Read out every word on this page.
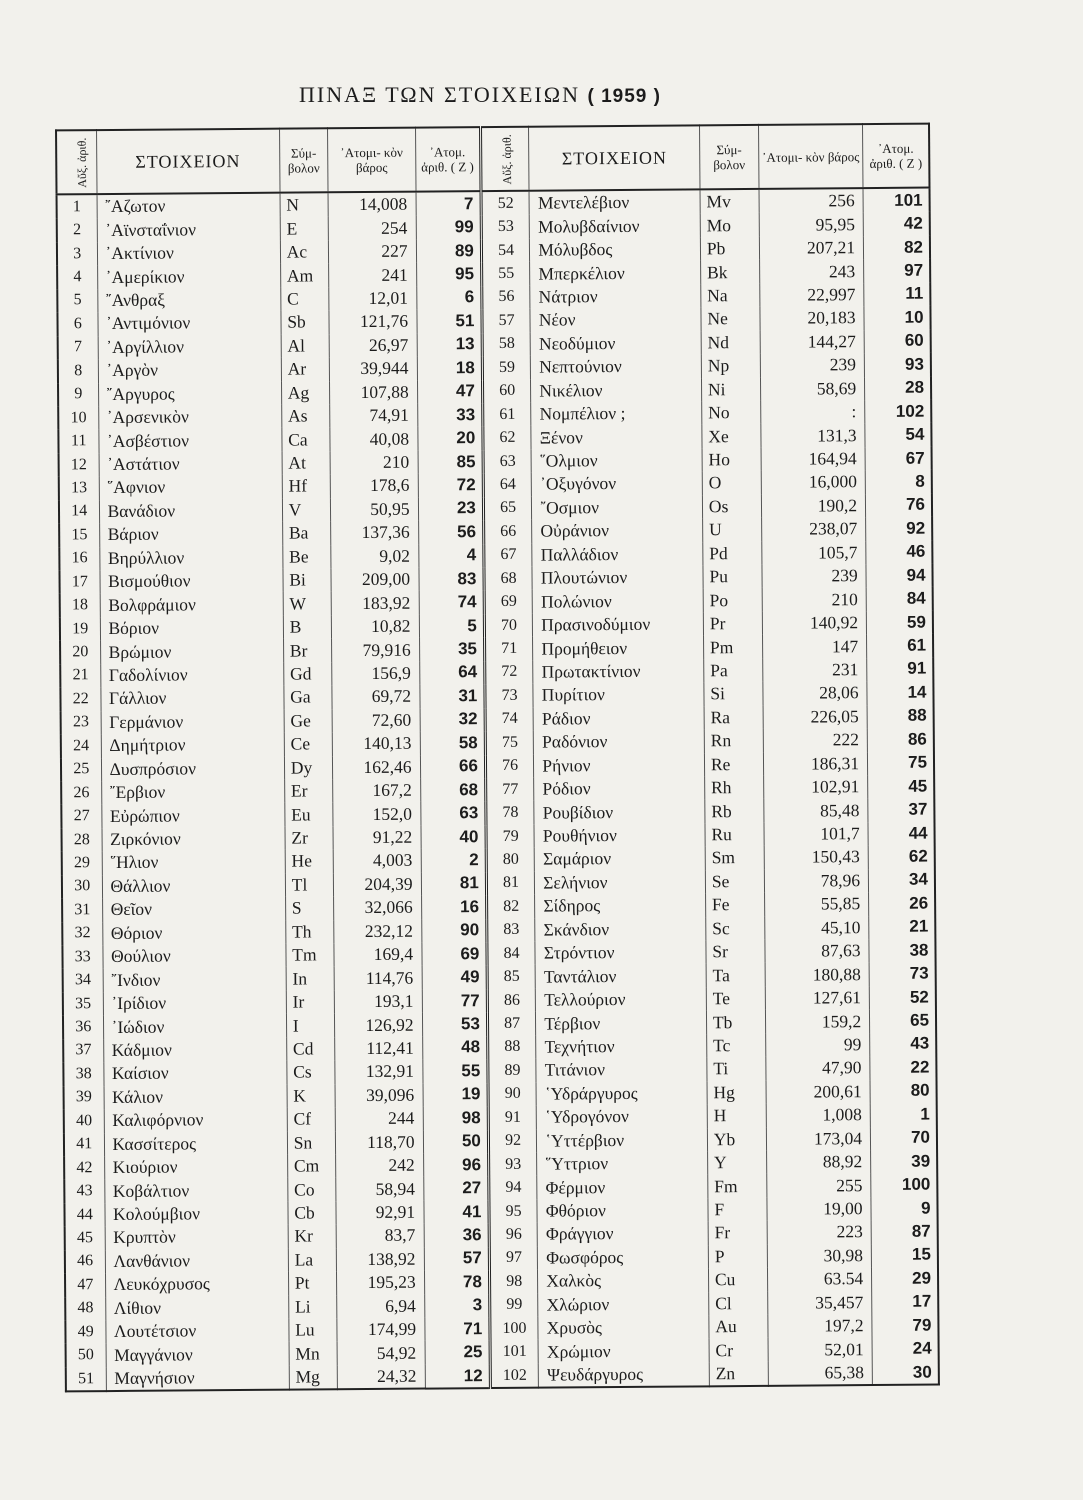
ΠΙΝΑΞ ΤΩΝ ΣΤΟΙΧΕΙΩΝ ( 1959 )
Αὔξ. ἀριθ.	ΣΤΟΙΧΕΙΟΝ	Σύμ- βολον	᾿Ατομι- κὸν βάρος	᾿Ατομ. ἀριθ. ( Ζ )	Αὔξ. ἀριθ.	ΣΤΟΙΧΕΙΟΝ	Σύμ- βολον	᾿Ατομι- κὸν βάρος	᾿Ατομ. ἀριθ. ( Ζ )
1	῎Αζωτον	N	14,008	7	52	Μεντελέβιον	Mv	256	101
2	᾿Αϊνσταΐνιον	E	254	99	53	Μολυβδαίνιον	Mo	95,95	42
3	᾿Ακτίνιον	Ac	227	89	54	Μόλυβδος	Pb	207,21	82
4	᾿Αμερίκιον	Am	241	95	55	Μπερκέλιον	Bk	243	97
5	῎Ανθραξ	C	12,01	6	56	Νάτριον	Na	22,997	11
6	᾿Αντιμόνιον	Sb	121,76	51	57	Νέον	Ne	20,183	10
7	᾿Αργίλλιον	Al	26,97	13	58	Νεοδύμιον	Nd	144,27	60
8	᾿Αργὸν	Ar	39,944	18	59	Νεπτούνιον	Np	239	93
9	῎Αργυρος	Ag	107,88	47	60	Νικέλιον	Ni	58,69	28
10	᾿Αρσενικὸν	As	74,91	33	61	Νομπέλιον ;	No	:	102
11	᾿Ασβέστιον	Ca	40,08	20	62	Ξένον	Xe	131,3	54
12	᾿Αστάτιον	At	210	85	63	῞Ολμιον	Ho	164,94	67
13	῞Αφνιον	Hf	178,6	72	64	᾿Οξυγόνον	O	16,000	8
14	Βανάδιον	V	50,95	23	65	῎Οσμιον	Os	190,2	76
15	Βάριον	Ba	137,36	56	66	Οὐράνιον	U	238,07	92
16	Βηρύλλιον	Be	9,02	4	67	Παλλάδιον	Pd	105,7	46
17	Βισμούθιον	Bi	209,00	83	68	Πλουτώνιον	Pu	239	94
18	Βολφράμιον	W	183,92	74	69	Πολώνιον	Po	210	84
19	Βόριον	B	10,82	5	70	Πρασινοδύμιον	Pr	140,92	59
20	Βρώμιον	Br	79,916	35	71	Προμήθειον	Pm	147	61
21	Γαδολίνιον	Gd	156,9	64	72	Πρωτακτίνιον	Pa	231	91
22	Γάλλιον	Ga	69,72	31	73	Πυρίτιον	Si	28,06	14
23	Γερμάνιον	Ge	72,60	32	74	Ράδιον	Ra	226,05	88
24	Δημήτριον	Ce	140,13	58	75	Ραδόνιον	Rn	222	86
25	Δυσπρόσιον	Dy	162,46	66	76	Ρήνιον	Re	186,31	75
26	῎Ερβιον	Er	167,2	68	77	Ρόδιον	Rh	102,91	45
27	Εὐρώπιον	Eu	152,0	63	78	Ρουβίδιον	Rb	85,48	37
28	Ζιρκόνιον	Zr	91,22	40	79	Ρουθήνιον	Ru	101,7	44
29	῞Ηλιον	He	4,003	2	80	Σαμάριον	Sm	150,43	62
30	Θάλλιον	Tl	204,39	81	81	Σελήνιον	Se	78,96	34
31	Θεῖον	S	32,066	16	82	Σίδηρος	Fe	55,85	26
32	Θόριον	Th	232,12	90	83	Σκάνδιον	Sc	45,10	21
33	Θούλιον	Tm	169,4	69	84	Στρόντιον	Sr	87,63	38
34	῎Ινδιον	In	114,76	49	85	Ταντάλιον	Ta	180,88	73
35	᾿Ιρίδιον	Ir	193,1	77	86	Τελλούριον	Te	127,61	52
36	᾿Ιώδιον	I	126,92	53	87	Τέρβιον	Tb	159,2	65
37	Κάδμιον	Cd	112,41	48	88	Τεχνήτιον	Tc	99	43
38	Καίσιον	Cs	132,91	55	89	Τιτάνιον	Ti	47,90	22
39	Κάλιον	K	39,096	19	90	῾Υδράργυρος	Hg	200,61	80
40	Καλιφόρνιον	Cf	244	98	91	῾Υδρογόνον	H	1,008	1
41	Κασσίτερος	Sn	118,70	50	92	῾Υττέρβιον	Yb	173,04	70
42	Κιούριον	Cm	242	96	93	῞Υττριον	Y	88,92	39
43	Κοβάλτιον	Co	58,94	27	94	Φέρμιον	Fm	255	100
44	Κολούμβιον	Cb	92,91	41	95	Φθόριον	F	19,00	9
45	Κρυπτὸν	Kr	83,7	36	96	Φράγγιον	Fr	223	87
46	Λανθάνιον	La	138,92	57	97	Φωσφόρος	P	30,98	15
47	Λευκόχρυσος	Pt	195,23	78	98	Χαλκὸς	Cu	63.54	29
48	Λίθιον	Li	6,94	3	99	Χλώριον	Cl	35,457	17
49	Λουτέτσιον	Lu	174,99	71	100	Χρυσὸς	Au	197,2	79
50	Μαγγάνιον	Mn	54,92	25	101	Χρώμιον	Cr	52,01	24
51	Μαγνήσιον	Mg	24,32	12	102	Ψευδάργυρος	Zn	65,38	30
